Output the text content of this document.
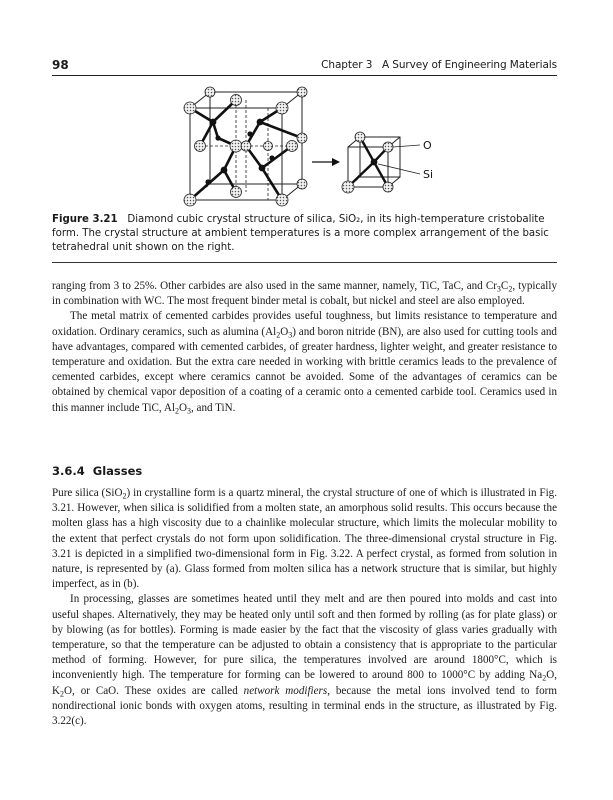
98	Chapter 3   A Survey of Engineering Materials
O
Si
Figure 3.21 Diamond cubic crystal structure of silica, SiO₂, in its high-temperature cristobalite form. The crystal structure at ambient temperatures is a more complex arrangement of the basic tetrahedral unit shown on the right.

ranging from 3 to 25%. Other carbides are also used in the same manner, namely, TiC, TaC, and $Cr_3C_2$, typically in combination with WC. The most frequent binder metal is cobalt, but nickel and steel are also employed.

The metal matrix of cemented carbides provides useful toughness, but limits resistance to temperature and oxidation. Ordinary ceramics, such as alumina $(Al_2O_3)$ and boron nitride (BN), are also used for cutting tools and have advantages, compared with cemented carbides, of greater hardness, lighter weight, and greater resistance to temperature and oxidation. But the extra care needed in working with brittle ceramics leads to the prevalence of cemented carbides, except where ceramics cannot be avoided. Some of the advantages of ceramics can be obtained by chemical vapor deposition of a coating of a ceramic onto a cemented carbide tool. Ceramics used in this manner include TiC, $Al_2O_3$, and TiN.

3.6.4  Glasses

Pure silica (SiO$_2$) in crystalline form is a quartz mineral, the crystal structure of one of which is illustrated in Fig. 3.21. However, when silica is solidified from a molten state, an amorphous solid results. This occurs because the molten glass has a high viscosity due to a chainlike molecular structure, which limits the molecular mobility to the extent that perfect crystals do not form upon solidification. The three-dimensional crystal structure in Fig. 3.21 is depicted in a simplified two-dimensional form in Fig. 3.22. A perfect crystal, as formed from solution in nature, is represented by (a). Glass formed from molten silica has a network structure that is similar, but highly imperfect, as in (b).

In processing, glasses are sometimes heated until they melt and are then poured into molds and cast into useful shapes. Alternatively, they may be heated only until soft and then formed by rolling (as for plate glass) or by blowing (as for bottles). Forming is made easier by the fact that the viscosity of glass varies gradually with temperature, so that the temperature can be adjusted to obtain a consistency that is appropriate to the particular method of forming. However, for pure silica, the temperatures involved are around 1800°C, which is inconveniently high. The temperature for forming can be lowered to around 800 to 1000°C by adding $Na_2O$, $K_2O$, or CaO. These oxides are called network modifiers, because the metal ions involved tend to form nondirectional ionic bonds with oxygen atoms, resulting in terminal ends in the structure, as illustrated by Fig. 3.22(c).
